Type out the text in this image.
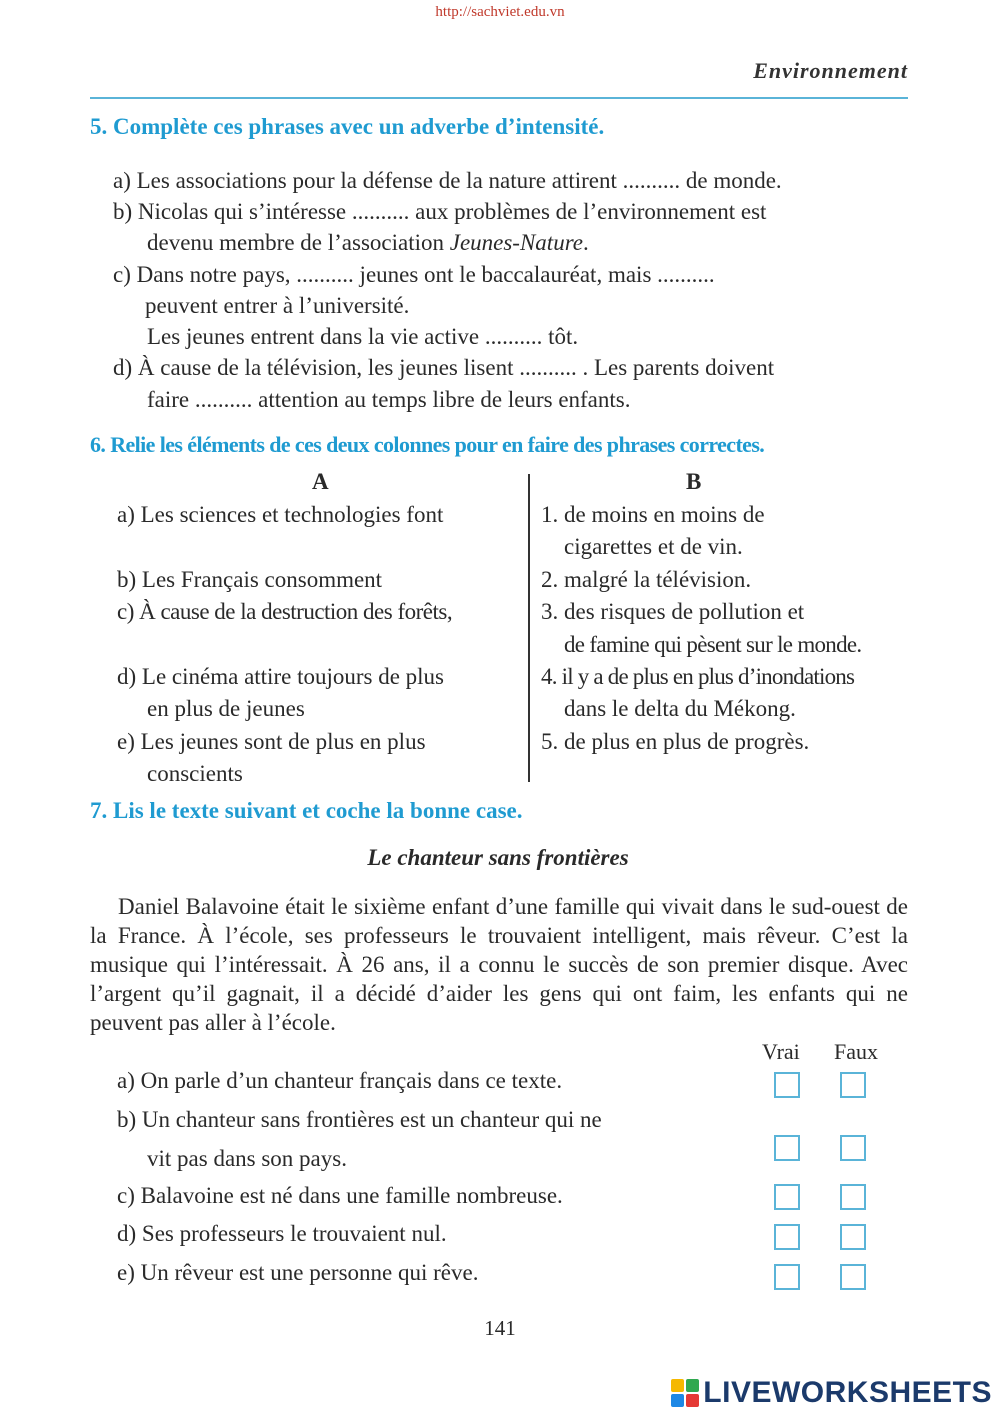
http://sachviet.edu.vn
Environnement
5. Complète ces phrases avec un adverbe d’intensité.
a) Les associations pour la défense de la nature attirent .......... de monde.
b) Nicolas qui s’intéresse .......... aux problèmes de l’environnement est
devenu membre de l’association Jeunes-Nature.
c) Dans notre pays, .......... jeunes ont le baccalauréat, mais ..........
peuvent entrer à l’université.
Les jeunes entrent dans la vie active .......... tôt.
d) À cause de la télévision, les jeunes lisent .......... . Les parents doivent
faire .......... attention au temps libre de leurs enfants.
6. Relie les éléments de ces deux colonnes pour en faire des phrases correctes.
A	B
a) Les sciences et technologies font
b) Les Français consomment
c) À cause de la destruction des forêts,
d) Le cinéma attire toujours de plus
en plus de jeunes
e) Les jeunes sont de plus en plus
conscients
1. de moins en moins de
cigarettes et de vin.
2. malgré la télévision.
3. des risques de pollution et
de famine qui pèsent sur le monde.
4. il y a de plus en plus d’inondations
dans le delta du Mékong.
5. de plus en plus de progrès.
7. Lis le texte suivant et coche la bonne case.
Le chanteur sans frontières
Daniel Balavoine était le sixième enfant d’une famille qui vivait dans le sud-ouest de la France. À l’école, ses professeurs le trouvaient intelligent, mais rêveur. C’est la musique qui l’intéressait. À 26 ans, il a connu le succès de son premier disque. Avec l’argent qu’il gagnait, il a décidé d’aider les gens qui ont faim, les enfants qui ne peuvent pas aller à l’école.
Vrai Faux
a) On parle d’un chanteur français dans ce texte.
b) Un chanteur sans frontières est un chanteur qui ne
vit pas dans son pays.
c) Balavoine est né dans une famille nombreuse.
d) Ses professeurs le trouvaient nul.
e) Un rêveur est une personne qui rêve.
141
LIVEWORKSHEETS
